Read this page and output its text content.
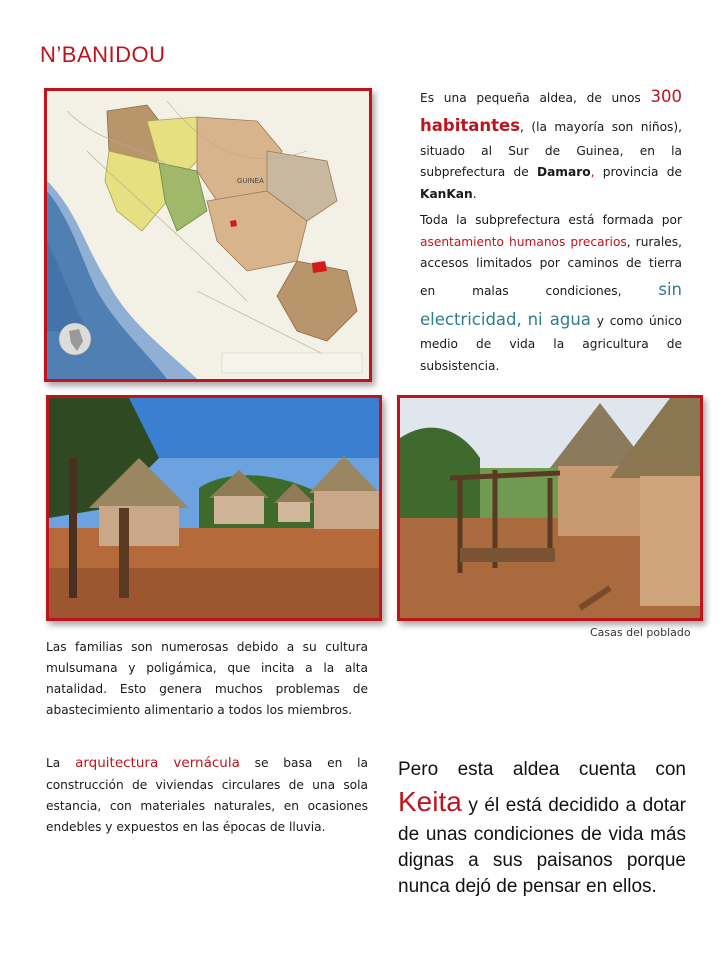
N’BANIDOU
GUINEA
Es una pequeña aldea, de unos 300 habitantes, (la mayoría son niños), situado al Sur de Guinea, en la subprefectura de Damaro, provincia de KanKan.
Toda la subprefectura está formada por asentamiento humanos precarios, rurales, accesos limitados por caminos de tierra en malas condiciones, sin electricidad, ni agua y como único medio de vida la agricultura de subsistencia.
Casas del poblado
Las familias son numerosas debido a su cultura mulsumana y poligámica, que incita a la alta natalidad. Esto genera muchos problemas de abastecimiento alimentario a todos los miembros.
La arquitectura vernácula se basa en la construcción de viviendas circulares de una sola estancia, con materiales naturales, en ocasiones endebles y expuestos en las épocas de lluvia.
Pero esta aldea cuenta con Keita y él está decidido a dotar de unas condiciones de vida más dignas a sus paisanos porque nunca dejó de pensar en ellos.
